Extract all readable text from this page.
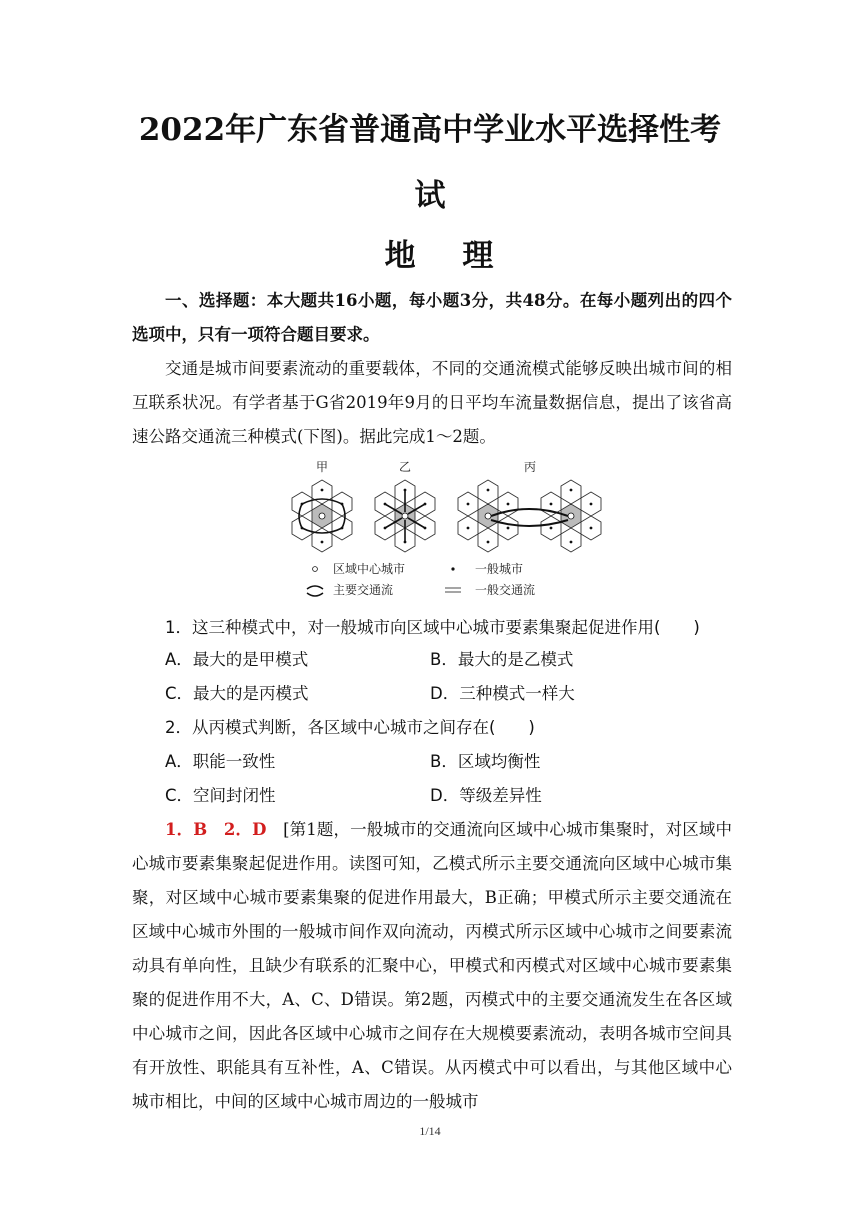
2022年广东省普通高中学业水平选择性考
试
地 理
一、选择题：本大题共16小题，每小题3分，共48分。在每小题列出的四个选项中，只有一项符合题目要求。
交通是城市间要素流动的重要载体，不同的交通流模式能够反映出城市间的相互联系状况。有学者基于G省2019年9月的日平均车流量数据信息，提出了该省高速公路交通流三种模式(下图)。据此完成1～2题。
甲	乙	丙
区域中心城市	一般城市
主要交通流	一般交通流
1．这三种模式中，对一般城市向区域中心城市要素集聚起促进作用(　　)
A．最大的是甲模式	B．最大的是乙模式
C．最大的是丙模式	D．三种模式一样大
2．从丙模式判断，各区域中心城市之间存在(　　)
A．职能一致性	B．区域均衡性
C．空间封闭性	D．等级差异性
1．B　2．D　 [第1题，一般城市的交通流向区域中心城市集聚时，对区域中心城市要素集聚起促进作用。读图可知，乙模式所示主要交通流向区域中心城市集聚，对区域中心城市要素集聚的促进作用最大，B正确；甲模式所示主要交通流在区域中心城市外围的一般城市间作双向流动，丙模式所示区域中心城市之间要素流动具有单向性，且缺少有联系的汇聚中心，甲模式和丙模式对区域中心城市要素集聚的促进作用不大，A、C、D错误。第2题，丙模式中的主要交通流发生在各区域中心城市之间，因此各区域中心城市之间存在大规模要素流动，表明各城市空间具有开放性、职能具有互补性，A、C错误。从丙模式中可以看出，与其他区域中心城市相比，中间的区域中心城市周边的一般城市
1/14
